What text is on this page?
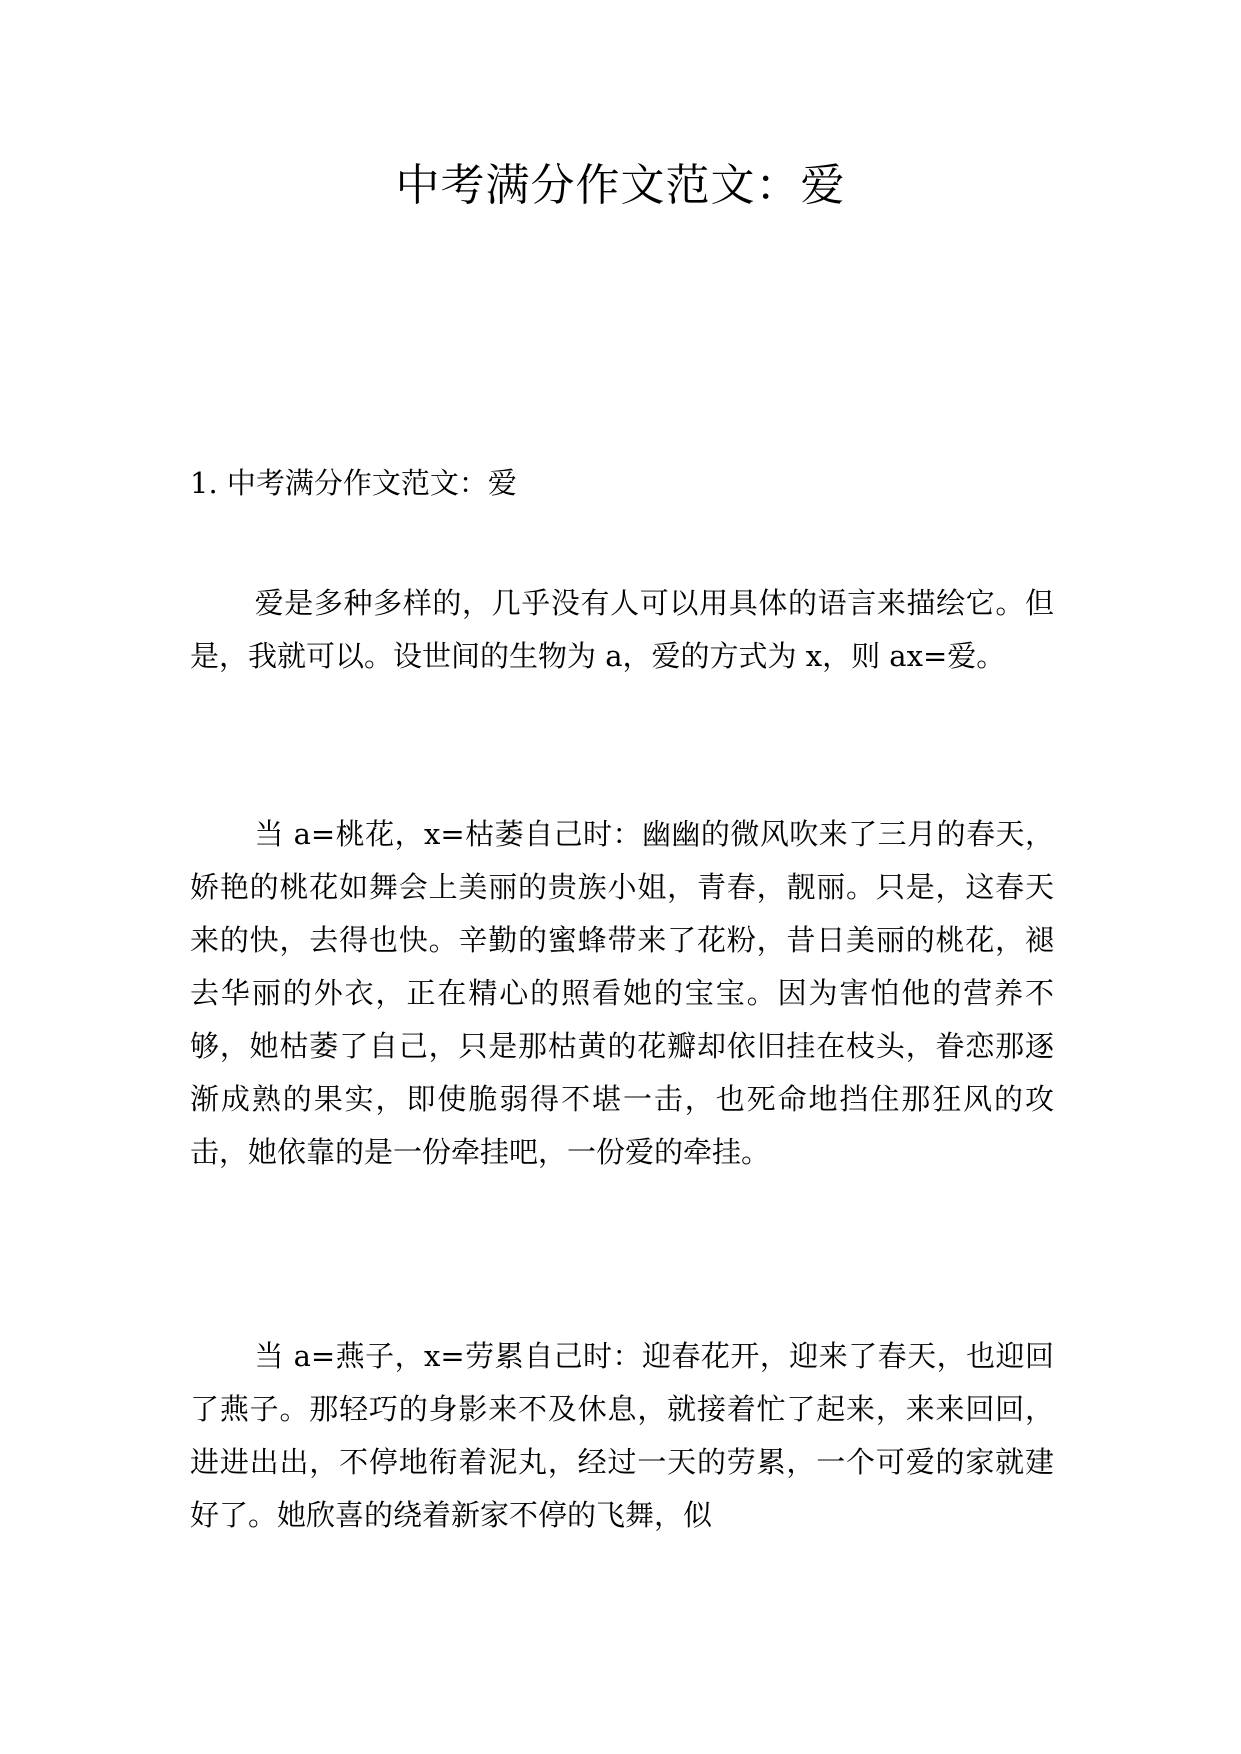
中考满分作文范文：爱
1. 中考满分作文范文：爱

爱是多种多样的，几乎没有人可以用具体的语言来描绘它。但是，我就可以。设世间的生物为 a，爱的方式为 x，则 ax=爱。

当 a=桃花，x=枯萎自己时：幽幽的微风吹来了三月的春天，娇艳的桃花如舞会上美丽的贵族小姐，青春，靓丽。只是，这春天来的快，去得也快。辛勤的蜜蜂带来了花粉，昔日美丽的桃花，褪去华丽的外衣，正在精心的照看她的宝宝。因为害怕他的营养不够，她枯萎了自己，只是那枯黄的花瓣却依旧挂在枝头，眷恋那逐渐成熟的果实，即使脆弱得不堪一击，也死命地挡住那狂风的攻击，她依靠的是一份牵挂吧，一份爱的牵挂。

当 a=燕子，x=劳累自己时：迎春花开，迎来了春天，也迎回了燕子。那轻巧的身影来不及休息，就接着忙了起来，来来回回，进进出出，不停地衔着泥丸，经过一天的劳累，一个可爱的家就建好了。她欣喜的绕着新家不停的飞舞，似
